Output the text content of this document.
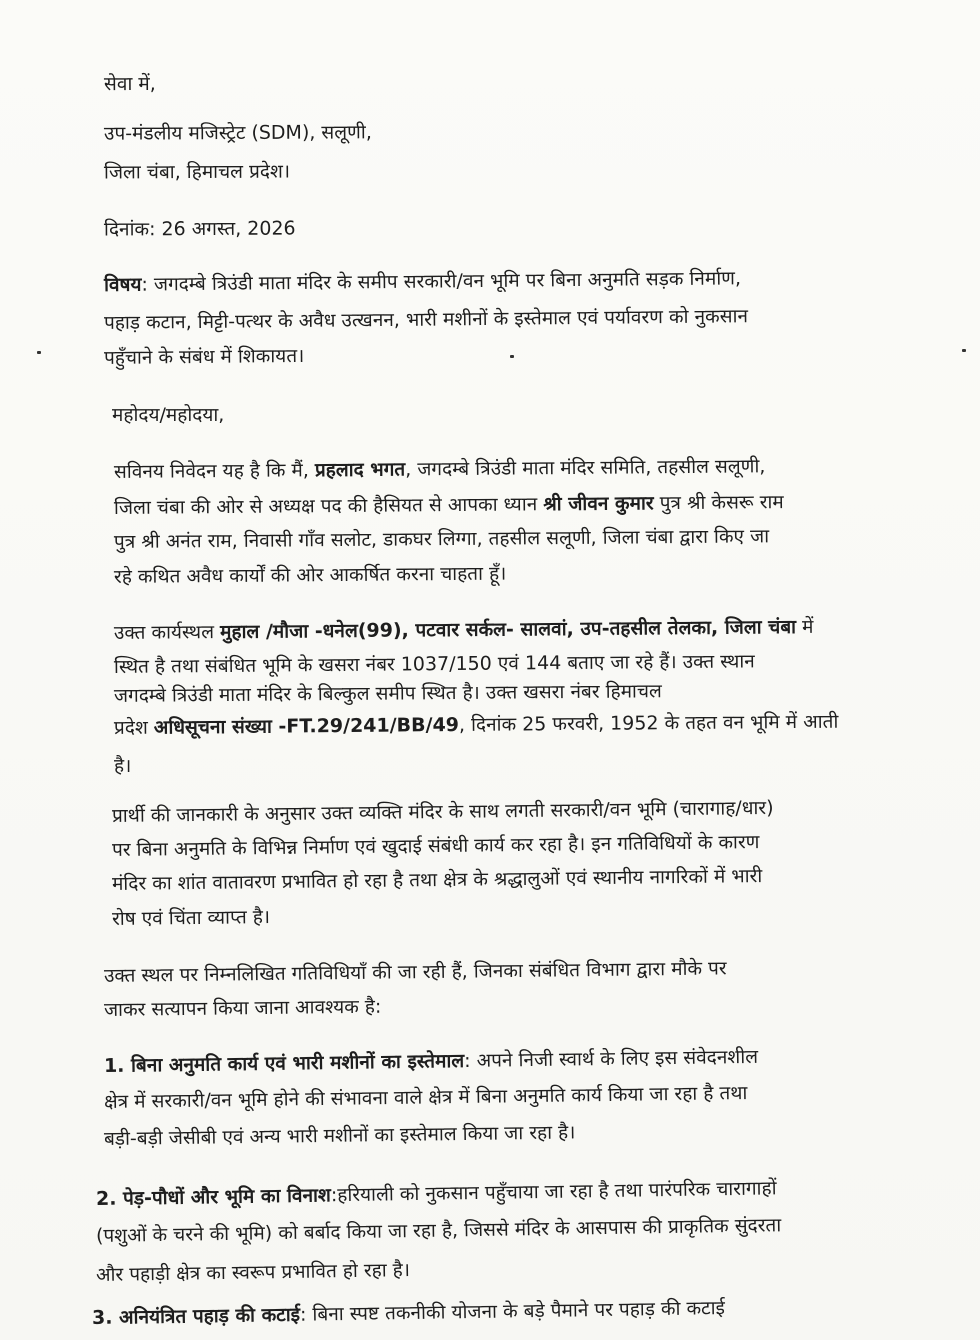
सेवा में,
उप-मंडलीय मजिस्ट्रेट (SDM), सलूणी,
जिला चंबा, हिमाचल प्रदेश।
दिनांक: 26 अगस्त, 2026
विषय: जगदम्बे त्रिउंडी माता मंदिर के समीप सरकारी/वन भूमि पर बिना अनुमति सड़क निर्माण,
पहाड़ कटान, मिट्टी-पत्थर के अवैध उत्खनन, भारी मशीनों के इस्तेमाल एवं पर्यावरण को नुकसान
पहुँचाने के संबंध में शिकायत।
महोदय/महोदया,
सविनय निवेदन यह है कि मैं, प्रहलाद भगत, जगदम्बे त्रिउंडी माता मंदिर समिति, तहसील सलूणी,
जिला चंबा की ओर से अध्यक्ष पद की हैसियत से आपका ध्यान श्री जीवन कुमार पुत्र श्री केसरू राम
पुत्र श्री अनंत राम, निवासी गाँव सलोट, डाकघर लिग्गा, तहसील सलूणी, जिला चंबा द्वारा किए जा
रहे कथित अवैध कार्यों की ओर आकर्षित करना चाहता हूँ।
उक्त कार्यस्थल मुहाल /मौजा -धनेल(99), पटवार सर्कल- सालवां, उप-तहसील तेलका, जिला चंबा में
स्थित है तथा संबंधित भूमि के खसरा नंबर 1037/150 एवं 144 बताए जा रहे हैं। उक्त स्थान
जगदम्बे त्रिउंडी माता मंदिर के बिल्कुल समीप स्थित है। उक्त खसरा नंबर हिमाचल
प्रदेश अधिसूचना संख्या -FT.29/241/BB/49, दिनांक 25 फरवरी, 1952 के तहत वन भूमि में आती
है।
प्रार्थी की जानकारी के अनुसार उक्त व्यक्ति मंदिर के साथ लगती सरकारी/वन भूमि (चारागाह/धार)
पर बिना अनुमति के विभिन्न निर्माण एवं खुदाई संबंधी कार्य कर रहा है। इन गतिविधियों के कारण
मंदिर का शांत वातावरण प्रभावित हो रहा है तथा क्षेत्र के श्रद्धालुओं एवं स्थानीय नागरिकों में भारी
रोष एवं चिंता व्याप्त है।
उक्त स्थल पर निम्नलिखित गतिविधियाँ की जा रही हैं, जिनका संबंधित विभाग द्वारा मौके पर
जाकर सत्यापन किया जाना आवश्यक है:
1. बिना अनुमति कार्य एवं भारी मशीनों का इस्तेमाल: अपने निजी स्वार्थ के लिए इस संवेदनशील
क्षेत्र में सरकारी/वन भूमि होने की संभावना वाले क्षेत्र में बिना अनुमति कार्य किया जा रहा है तथा
बड़ी-बड़ी जेसीबी एवं अन्य भारी मशीनों का इस्तेमाल किया जा रहा है।
2. पेड़-पौधों और भूमि का विनाश:हरियाली को नुकसान पहुँचाया जा रहा है तथा पारंपरिक चारागाहों
(पशुओं के चरने की भूमि) को बर्बाद किया जा रहा है, जिससे मंदिर के आसपास की प्राकृतिक सुंदरता
और पहाड़ी क्षेत्र का स्वरूप प्रभावित हो रहा है।
3. अनियंत्रित पहाड़ की कटाई: बिना स्पष्ट तकनीकी योजना के बड़े पैमाने पर पहाड़ की कटाई
